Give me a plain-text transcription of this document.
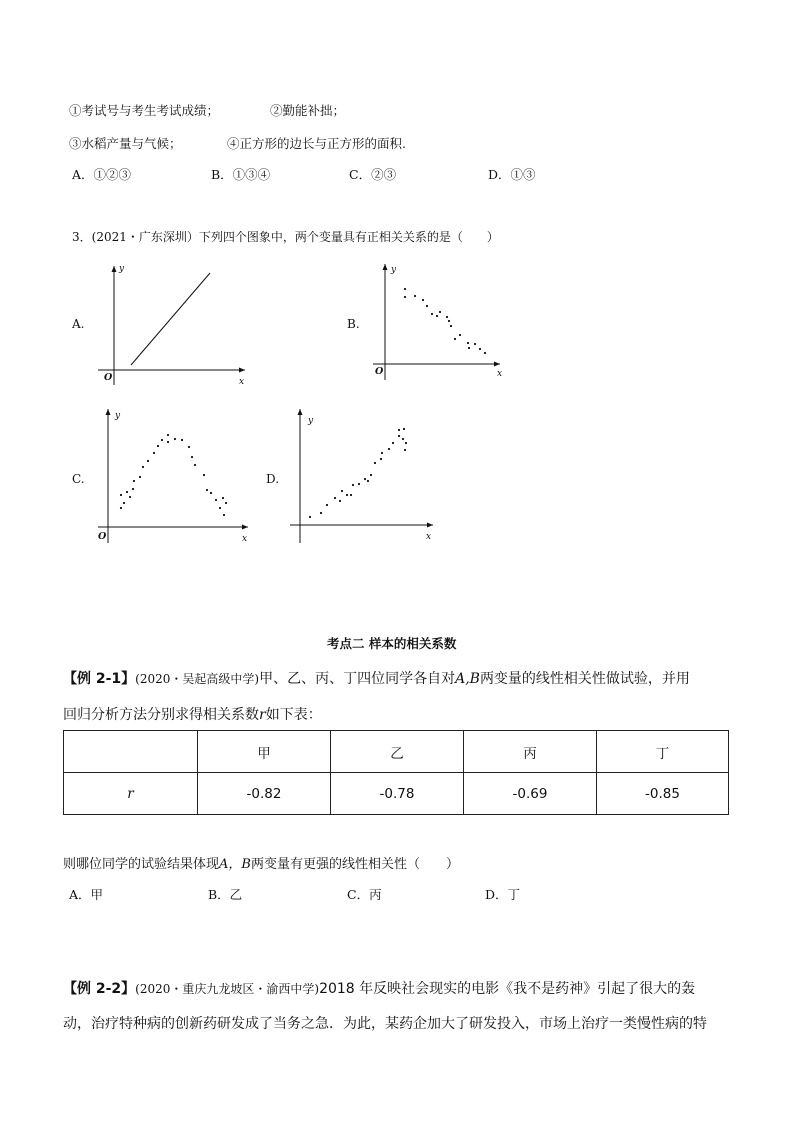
①考试号与考生考试成绩；	②勤能补拙；
③水稻产量与气候；	④正方形的边长与正方形的面积.
A．①②③	B．①③④	C．②③	D．①③
3．(2021・广东深圳）下列四个图象中，两个变量具有正相关关系的是（　　）
A.
x
y
O
B.
x
y
O
C.
x
y
O
D.
x
y
考点二 样本的相关系数
【例 2-1】(2020・吴起高级中学)甲、乙、丙、丁四位同学各自对A,B两变量的线性相关性做试验，并用
回归分析方法分别求得相关系数r如下表：
	甲	乙	丙	丁
r	-0.82	-0.78	-0.69	-0.85
则哪位同学的试验结果体现A，B两变量有更强的线性相关性（　　）
A．甲	B．乙	C．丙	D．丁
【例 2-2】(2020・重庆九龙坡区・渝西中学)2018 年反映社会现实的电影《我不是药神》引起了很大的轰
动，治疗特种病的创新药研发成了当务之急．为此，某药企加大了研发投入，市场上治疗一类慢性病的特
